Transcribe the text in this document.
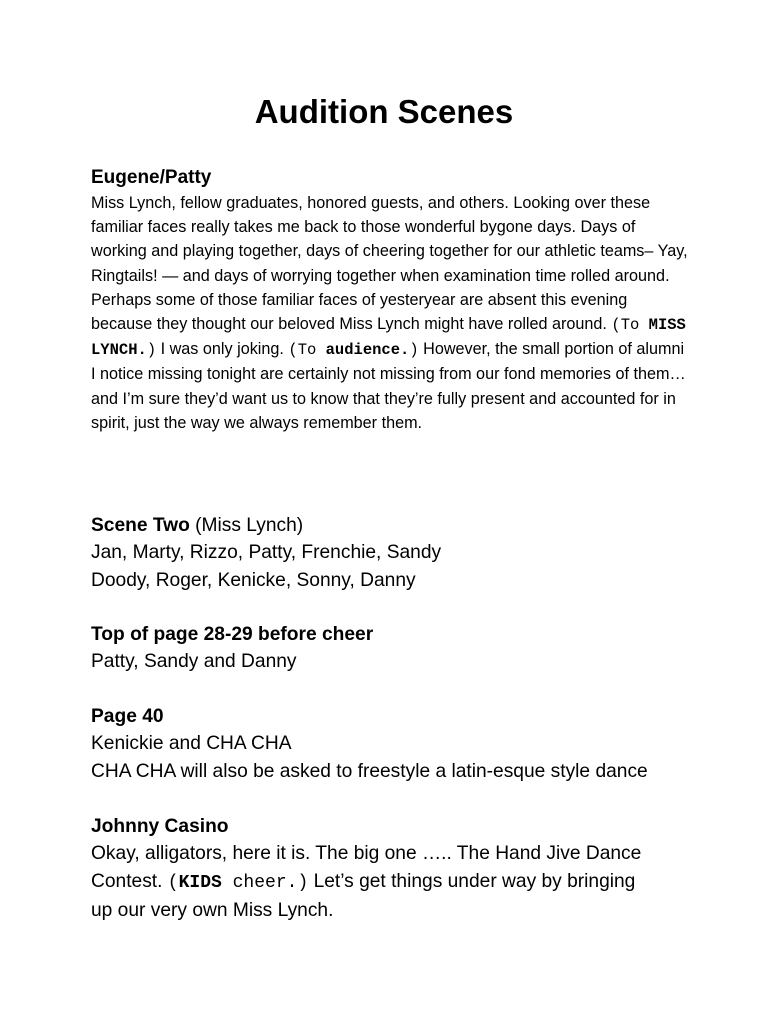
Audition Scenes
Eugene/Patty
Miss Lynch, fellow graduates, honored guests, and others. Looking over these familiar faces really takes me back to those wonderful bygone days. Days of working and playing together, days of cheering together for our athletic teams– Yay, Ringtails! — and days of worrying together when examination time rolled around. Perhaps some of those familiar faces of yesteryear are absent this evening because they thought our beloved Miss Lynch might have rolled around. (To MISS LYNCH.) I was only joking. (To audience.) However, the small portion of alumni I notice missing tonight are certainly not missing from our fond memories of them… and I’m sure they’d want us to know that they’re fully present and accounted for in spirit, just the way we always remember them.
Scene Two (Miss Lynch)
Jan, Marty, Rizzo, Patty, Frenchie, Sandy
Doody, Roger, Kenicke, Sonny, Danny
Top of page 28-29 before cheer
Patty, Sandy and Danny
Page 40
Kenickie and CHA CHA
CHA CHA will also be asked to freestyle a latin-esque style dance
Johnny Casino
Okay, alligators, here it is. The big one ….. The Hand Jive Dance
Contest. (KIDS cheer.) Let’s get things under way by bringing
up our very own Miss Lynch.
